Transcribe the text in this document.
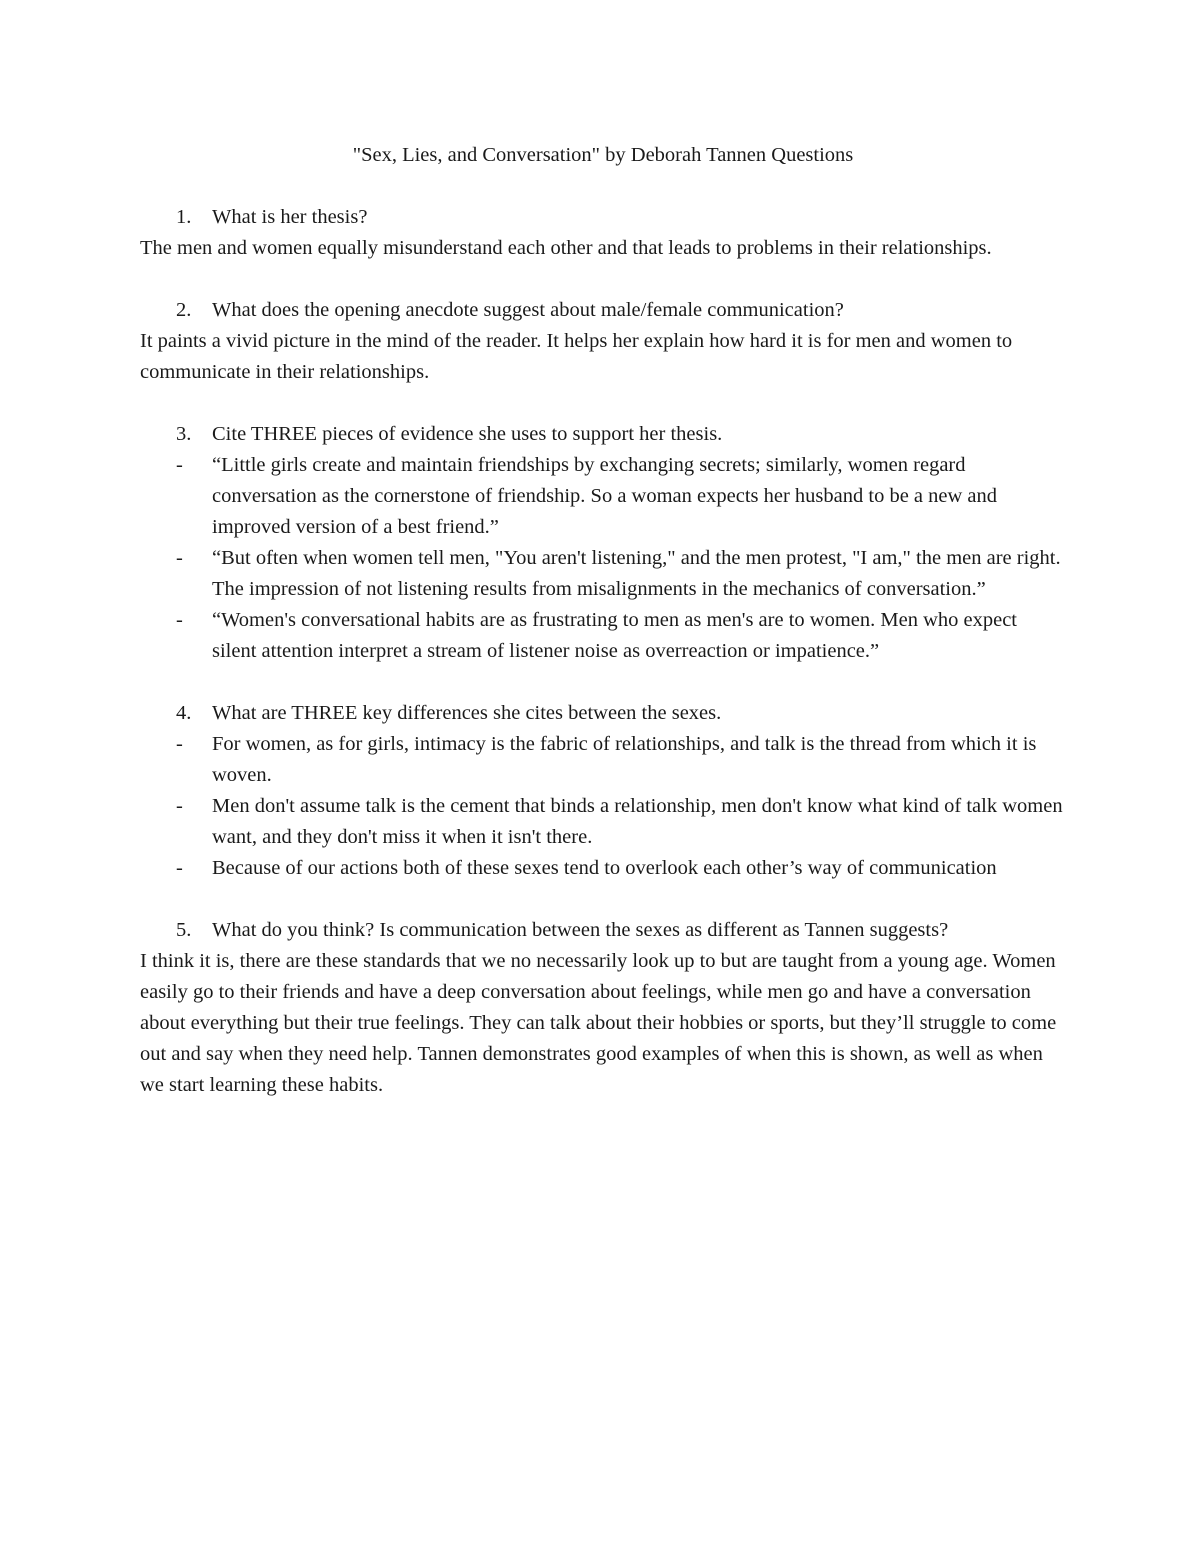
"Sex, Lies, and Conversation" by Deborah Tannen Questions

1. What is her thesis?

The men and women equally misunderstand each other and that leads to problems in their relationships.

2. What does the opening anecdote suggest about male/female communication?

It paints a vivid picture in the mind of the reader. It helps her explain how hard it is for men and women to communicate in their relationships.

3. Cite THREE pieces of evidence she uses to support her thesis.

- “Little girls create and maintain friendships by exchanging secrets; similarly, women regard conversation as the cornerstone of friendship. So a woman expects her husband to be a new and improved version of a best friend.”
- “But often when women tell men, "You aren't listening," and the men protest, "I am," the men are right. The impression of not listening results from misalignments in the mechanics of conversation.”
- “Women's conversational habits are as frustrating to men as men's are to women. Men who expect silent attention interpret a stream of listener noise as overreaction or impatience.”

4. What are THREE key differences she cites between the sexes.

- For women, as for girls, intimacy is the fabric of relationships, and talk is the thread from which it is woven.
- Men don't assume talk is the cement that binds a relationship, men don't know what kind of talk women want, and they don't miss it when it isn't there.
- Because of our actions both of these sexes tend to overlook each other’s way of communication

5. What do you think? Is communication between the sexes as different as Tannen suggests?

I think it is, there are these standards that we no necessarily look up to but are taught from a young age. Women easily go to their friends and have a deep conversation about feelings, while men go and have a conversation about everything but their true feelings. They can talk about their hobbies or sports, but they’ll struggle to come out and say when they need help. Tannen demonstrates good examples of when this is shown, as well as when we start learning these habits.
